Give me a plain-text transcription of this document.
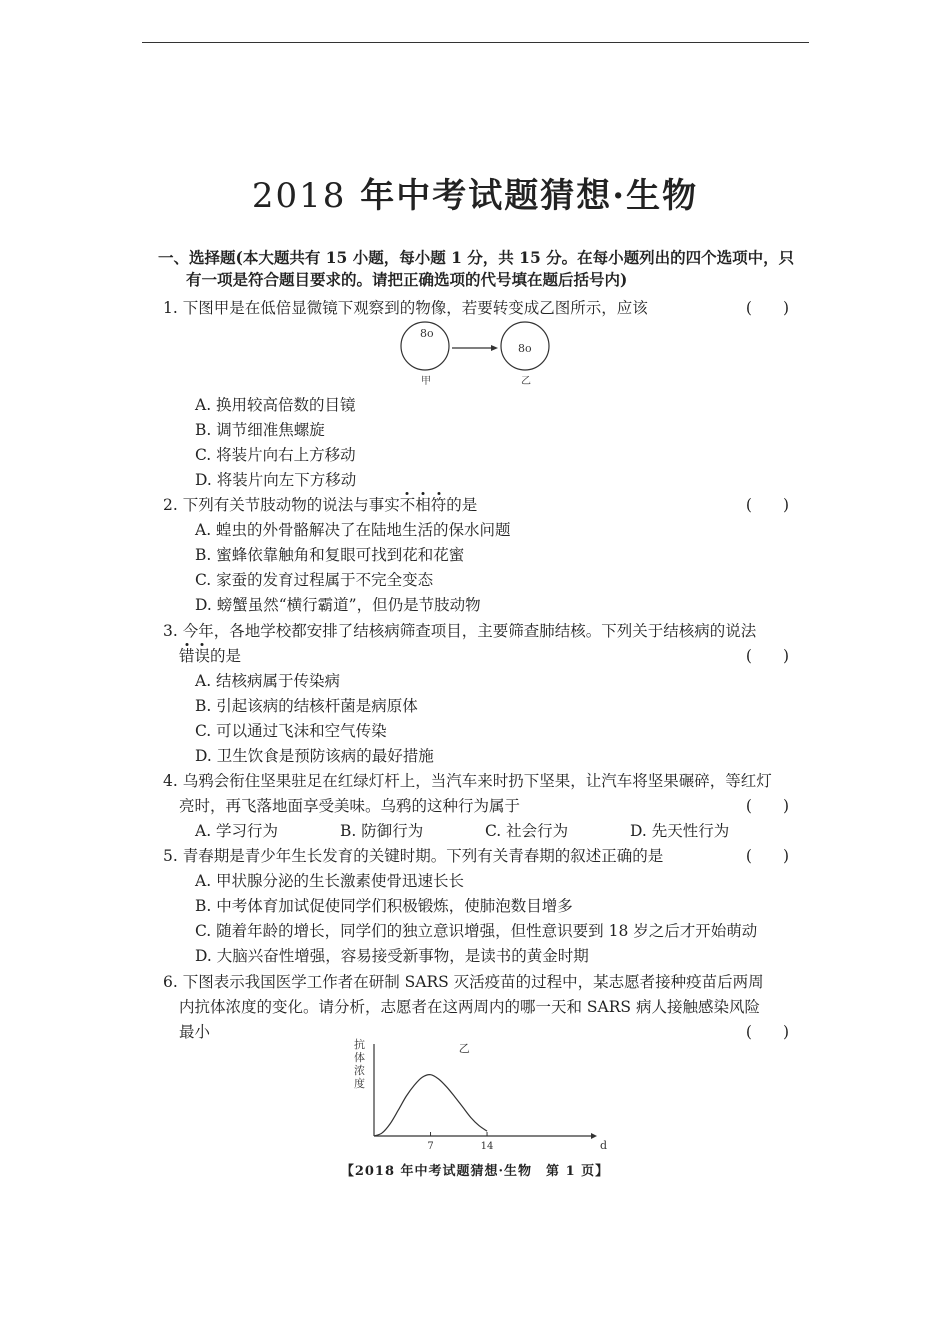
2018 年中考试题猜想·生物
一、选择题(本大题共有 15 小题，每小题 1 分，共 15 分。在每小题列出的四个选项中，只
有一项是符合题目要求的。请把正确选项的代号填在题后括号内)
1. 下图甲是在低倍显微镜下观察到的物像，若要转变成乙图所示，应该	(　　)
8o
8o
甲	乙
A. 换用较高倍数的目镜
B. 调节细准焦螺旋
C. 将装片向右上方移动
D. 将装片向左下方移动
2. 下列有关节肢动物的说法与事实不相符的是	(　　)
A. 蝗虫的外骨骼解决了在陆地生活的保水问题
B. 蜜蜂依靠触角和复眼可找到花和花蜜
C. 家蚕的发育过程属于不完全变态
D. 螃蟹虽然“横行霸道”，但仍是节肢动物
3. 今年，各地学校都安排了结核病筛查项目，主要筛查肺结核。下列关于结核病的说法
错误的是	(　　)
A. 结核病属于传染病
B. 引起该病的结核杆菌是病原体
C. 可以通过飞沫和空气传染
D. 卫生饮食是预防该病的最好措施
4. 乌鸦会衔住坚果驻足在红绿灯杆上，当汽车来时扔下坚果，让汽车将坚果碾碎，等红灯
亮时，再飞落地面享受美味。乌鸦的这种行为属于	(　　)
A. 学习行为	B. 防御行为	C. 社会行为	D. 先天性行为
5. 青春期是青少年生长发育的关键时期。下列有关青春期的叙述正确的是	(　　)
A. 甲状腺分泌的生长激素使骨迅速长长
B. 中考体育加试促使同学们积极锻炼，使肺泡数目增多
C. 随着年龄的增长，同学们的独立意识增强，但性意识要到 18 岁之后才开始萌动
D. 大脑兴奋性增强，容易接受新事物，是读书的黄金时期
6. 下图表示我国医学工作者在研制 SARS 灭活疫苗的过程中，某志愿者接种疫苗后两周
内抗体浓度的变化。请分析，志愿者在这两周内的哪一天和 SARS 病人接触感染风险
最小	(　　)
抗
体
浓
度
7	14	d
乙
【2018 年中考试题猜想·生物　第 1 页】
